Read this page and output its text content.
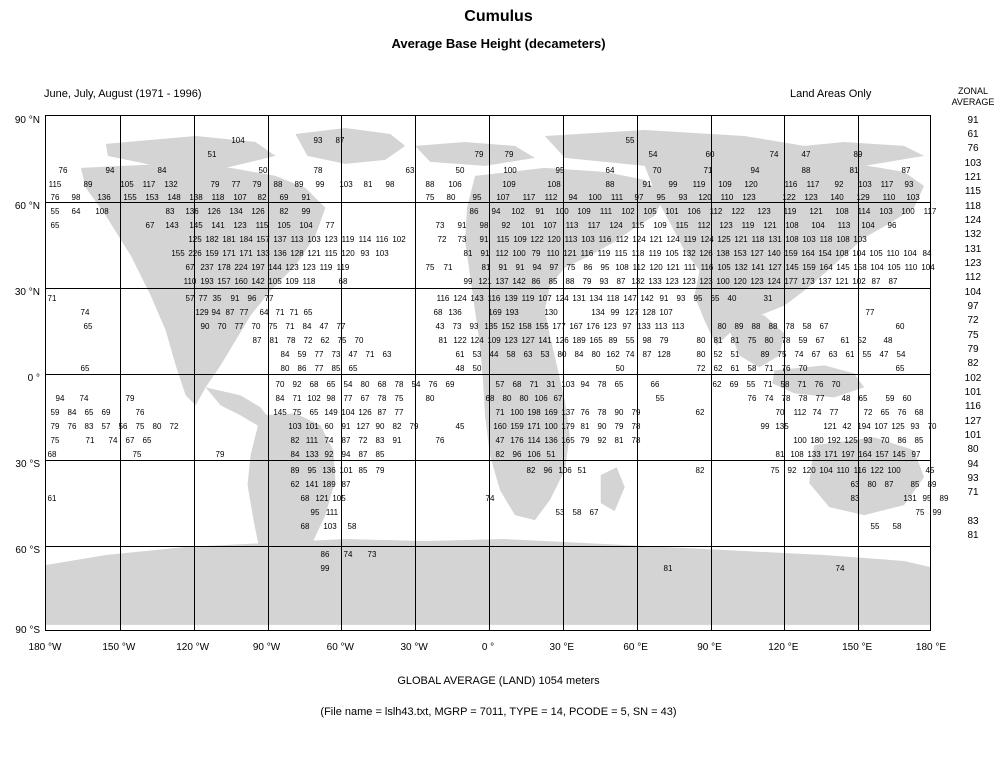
Cumulus
Average Base Height (decameters)
June, July, August (1971 - 1996)	Land Areas Only	ZONAL
AVERAGE
104	93	87	55
51	79	79	54	60	74	47	89
76	94	84	50	78	63	50	100	95	64	70	71	94	88	81	87
115	89	105	117	132	79	77	79	88	89	99	103	81	98	88	106	109	108	88	91	99	119	109 120	116	117	92	103	117	93
76	98	136 155 153 148 138	118	107	82	69	91	75	80	95	107	117	112	94	100	111	97	95	93	120	110	123	122 123 140 129	110	103
55	64	108	83	136 126 134 126	82	99	86	94	102	91	100 109	111	102 105 101 106	112	122 123	119	121 108	114	103 100	117
65	67	143 145 141 123	115	105 104	77	73	91	98	92	101 107	113	117	124	115	109	115	112	123	119	121 108 104	113	104	96
125 182 181 184 157 137 113 103 123 119 114 116 102	72	73	91	115 109 122 120 113 103 116 112 124 121 124 119 124 125 121 118 131 108 103 118 108 103
155 226 159 171 171 133 136 128 121 115 120 93 103	81	91 112 100 79 110 121 116 119 115 118 119 105 132 126 138 153 127 140 159 164 154 108 104 105 110 104 84
67 237 178 224 197 144 123 123 119 119	75	71	81	91	91	94	97	75	86	95 108 112 120 121 111 116 105 132 141 127 145 159 164 145 158 104 105 110 104
110 193 157 160 142 105 109 118	68	99 121 137 142 86	85	88	79	93	87 132 133 123 123 123 100 120 123 124 177 173 137 121 102 87	87
71	57 77 35	91	96	77	116 124 143 116 139 119 107 124 131 134 118 147 142 91	93	95	65	40	31
74	129 94 87 77	64 71 71 65	68 136	169 193	130	134 99 127 128 107	77
65	90	70	77	70	75	71	84	47	77	43	73	93 135 152 158 155 177 167 176 123 97 133 113 113	80	89	88	88	78	58	67	60
87	81	78	72	62	75	70	81 122 124 109 123 127 141 126 189 165 89	55	98	79	80	81	81	75	80	78	59	67	61	52	48
84	59	77	73	47	71	63	61	53	44	58	63	53	80	84	80 162 74	87 128	80	52	51	89	75	74	67	63	61	55	47	54
65	80	86	77	85	65	48	50	50	72	62	61	58	71	76	70	65
70	92	68	65	54	80	68	78	54	76	69	57	68	71	31 103 94	78	65	66	62	69	55	71	58	71	76	70
94	74	79	84	71 102 98	77	67	78	75	80	68	80	80 106 67	55	76	74	78	78	77	48	65	59	60
59	84	65	69	76	145 75	65 149 104 126 87	77	71 100 198 169 137 76	78	90	79	62	70	112 74	77	72	65	76	68
79	76	83	57	56	75	80	72	103 101 60	91 127 90	82	79	45	160 159 171 100 179 81	90	79	78	99 135	121 42 194 107 125 93	70
75	71	74	67	65	82 111 74	87	72	83	91	76	47 176 114 136 165 79	92	81	78	100 180 192 125 93	70	86	85
68	75	79	84 133 92	94	87	85	82	96 106 51	81 108 133 171 197 164 157 145 97
89	95 136 101 85	79	82	96 106 51	82	75	92 120 104 110 116 122 100	45
62 141 189 87	63	80	87	85	89
61	68 121 105	74	83	131 95	89
95 111	53	58	67	75	99
68	103	58	55	58
86	74	73
99	81	74
90 °N
60 °N
30 °N
0 °
30 °S
60 °S
90 °S
180 °W	150 °W	120 °W	90 °W	60 °W	30 °W	0 °	30 °E	60 °E	90 °E	120 °E	150 °E	180 °E
91
61
76
103
121
115
118
124
132
131
123
112
104
97
72
75
79
82
102
101
116
127
101
80
94
93
71
83
81
GLOBAL AVERAGE (LAND) 1054 meters
(File name = lslh43.txt, MGRP = 7011, TYPE = 14, PCODE = 5, SN = 43)
